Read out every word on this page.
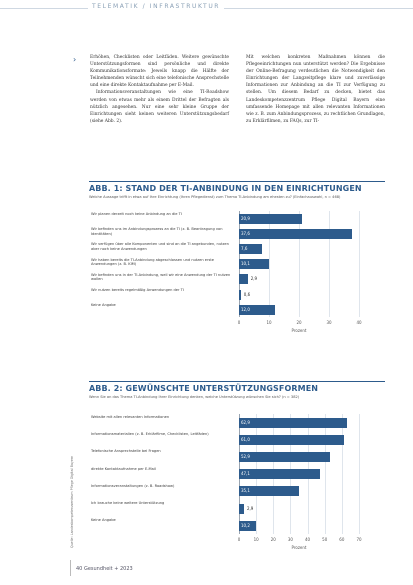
TELEMATIK / INFRASTRUKTUR
›	Erhöhen, Checklisten oder Leitfäden. Weitere gewünschte Unterstützungsformen sind persönliche und direkte Kommunikationsformate: Jeweils knapp die Hälfte der Teilnehmenden wünscht sich eine telefonische Ansprechstelle und eine direkte Kontaktaufnahme per E-Mail.

Informationsveranstaltungen wie eine TI-Roadshow werden von etwas mehr als einem Drittel der Befragten als nützlich angesehen. Nur eine sehr kleine Gruppe der Einrichtungen sieht keinen weiteren Unterstützungsbedarf (siehe Abb. 2).

Mit welchen konkreten Maßnahmen können die Pflegeeinrichtungen nun unterstützt werden? Die Ergebnisse der Online-Befragung verdeutlichen die Notwendigkeit den Einrichtungen der Langzeitpflege klare und zuverlässige Informationen zur Anbindung an die TI zur Verfügung zu stellen. Um diesem Bedarf zu decken, bietet das Landeskompetenzzentrum Pflege Digital Bayern eine umfassende Homepage mit allen relevanten Informationen wie z. B. zum Anbindungsprozess, zu rechtlichen Grundlagen, zu Erklärfilmen, zu FAQs, zur TI-

ABB. 1: STAND DER TI-ANBINDUNG IN DEN EINRICHTUNGEN
Welche Aussage trifft in etwa auf Ihre Einrichtung (Ihren Pflegedienst) zum Thema TI-Anbindung am ehesten zu? (Einfachauswahl, n = 468)
0	10	20	30	40
Prozent
Wir planen derzeit noch keine Anbindung an die TI
20,9
Wir befinden uns im Anbindungsprozess an die TI (z. B. Beantragung von Identitäten)	37,6
Wir verfügen über alle Komponenten und sind an die TI angebunden, nutzen aber noch keine Anwendungen	7,6
Wir haben bereits die TI-Anbindung abgeschlossen und nutzen erste Anwendungen (z. B. KIM)	10,1
Wir befinden uns in der TI-Anbindung, weil wir eine Anwendung der TI nutzen wollen	2,9
Wir nutzen bereits regelmäßig Anwendungen der TI
0,6
Keine Angabe
12,0
ABB. 2: GEWÜNSCHTE UNTERSTÜTZUNGSFORMEN
Wenn Sie an das Thema TI-Anbindung Ihrer Einrichtung denken, welche Unterstützung wünschen Sie sich? (n = 382)
0	10	20	30	40	50	60	70
Prozent
Website mit allen relevanten Informationen
62,9
Informationsmaterialien (z. B. Erklärfilme, Checklisten, Leitfäden)
61,0
Telefonische Ansprechstelle bei Fragen
52,9
direkte Kontaktaufnahme per E-Mail
47,1
Informationsveranstaltungen (z. B. Roadshow)
35,1
Ich brauche keine weitere Unterstützung
2,9
Keine Angabe
10,2
Quelle: Landeskompetenzzentrum Pflege Digital Bayern
40 Gesundheit + 2023
